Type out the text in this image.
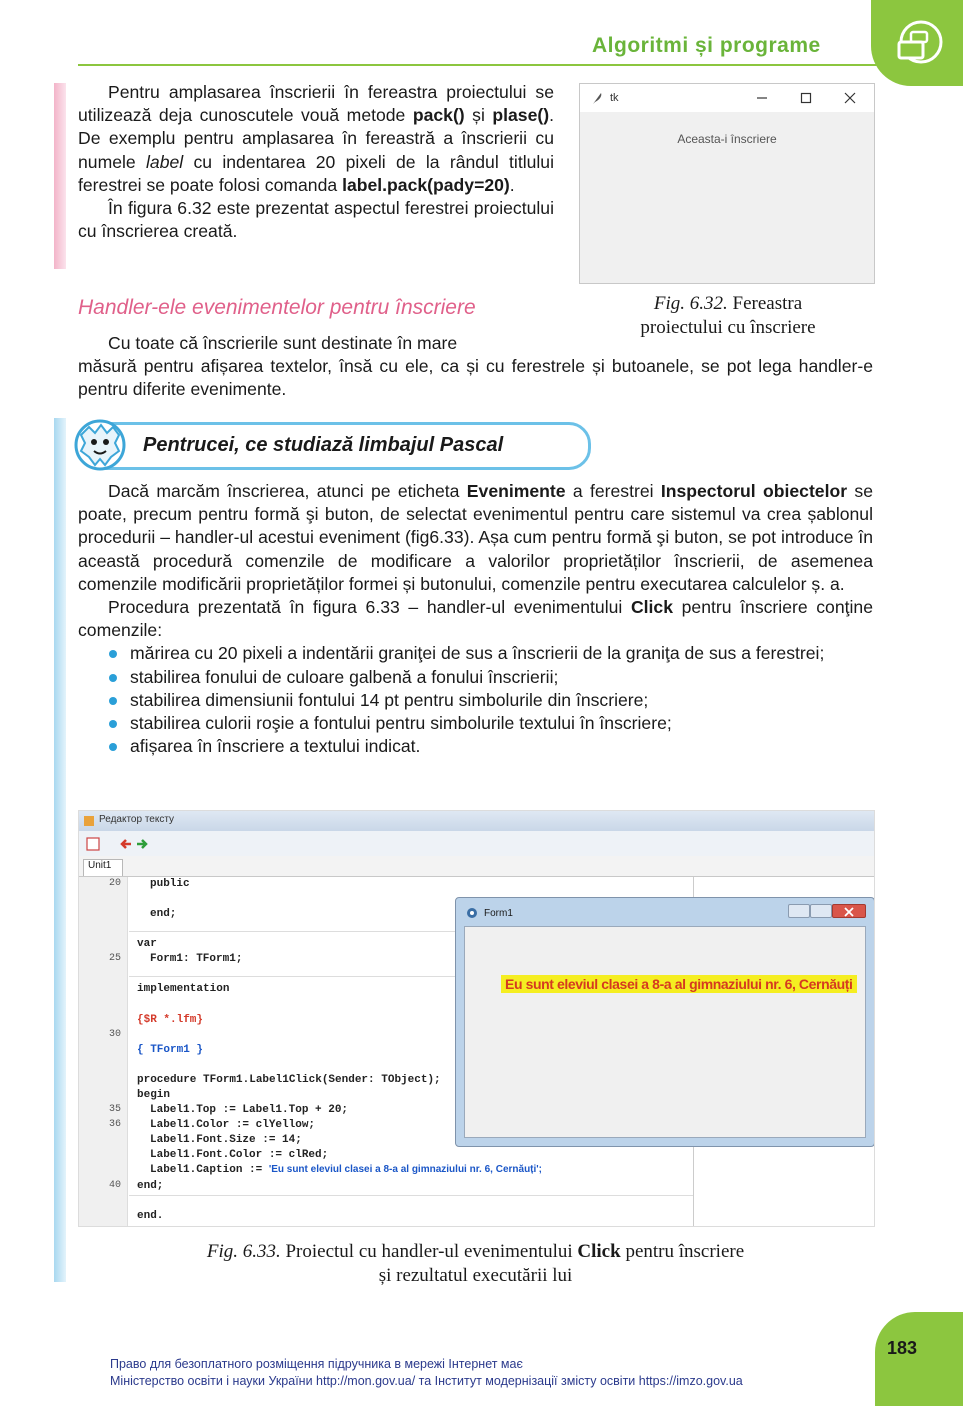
Algoritmi și programe
Pentru amplasarea înscrierii în fereastra proiectului se utilizează deja cunoscutele vouă metode pack() și plase(). De exemplu pentru amplasarea în fereastră a înscrierii cu numele label cu indentarea 20 pixeli de la rândul titlului ferestrei se poate folosi comanda label.pack(pady=20).
În figura 6.32 este prezentat aspectul ferestrei proiectului cu înscrierea creată.
tk
Aceasta-i înscriere
Fig. 6.32. Fereastra
proiectului cu înscriere
Handler-ele evenimentelor pentru înscriere
Cu toate că înscrierile sunt destinate în mare
măsură pentru afișarea textelor, însă cu ele, ca și cu ferestrele și butoanele, se pot lega handler-e pentru diferite evenimente.
Pentrucei, ce studiază limbajul Pascal
Dacă marcăm înscrierea, atunci pe eticheta Evenimente a ferestrei Inspectorul obiectelor se poate, precum pentru formă şi buton, de selectat evenimentul pentru care sistemul va crea șablonul procedurii – handler-ul acestui eveniment (fig6.33). Așa cum pentru formă şi buton, se pot introduce în această procedură comenzile de modificare a valorilor proprietăților înscrierii, de asemenea comenzile modificării proprietăților formei și butonului, comenzile pentru executarea calculelor ș. a.
Procedura prezentată în figura 6.33 – handler-ul evenimentului Click pentru înscriere conţine comenzile:
mărirea cu 20 pixeli a indentării graniţei de sus a înscrierii de la graniţa de sus a ferestrei;
stabilirea fonului de culoare galbenă a fonului înscrierii;
stabilirea dimensiunii fontului 14 pt pentru simbolurile din înscriere;
stabilirea culorii roşie a fontului pentru simbolurile textului în înscriere;
afișarea în înscriere a textului indicat.
Редактор тексту
Unit1
20
25
30
35
36
40
public
end;
var
Form1: TForm1;
implementation
{$R *.lfm}
{ TForm1 }
procedure TForm1.Label1Click(Sender: TObject);
begin
Label1.Top := Label1.Top + 20;
Label1.Color := clYellow;
Label1.Font.Size := 14;
Label1.Font.Color := clRed;
Label1.Caption := 'Eu sunt eleviul clasei a 8-a al gimnaziului nr. 6, Cernăuți';
end;
end.
Form1
Eu sunt eleviul clasei a 8-a al gimnaziului nr. 6, Cernăuți
Fig. 6.33. Proiectul cu handler-ul evenimentului Click pentru înscriere
și rezultatul executării lui
183
Право для безоплатного розміщення підручника в мережі Інтернет має
Міністерство освіти і науки України http://mon.gov.ua/ та Інститут модернізації змісту освіти https://imzo.gov.ua
